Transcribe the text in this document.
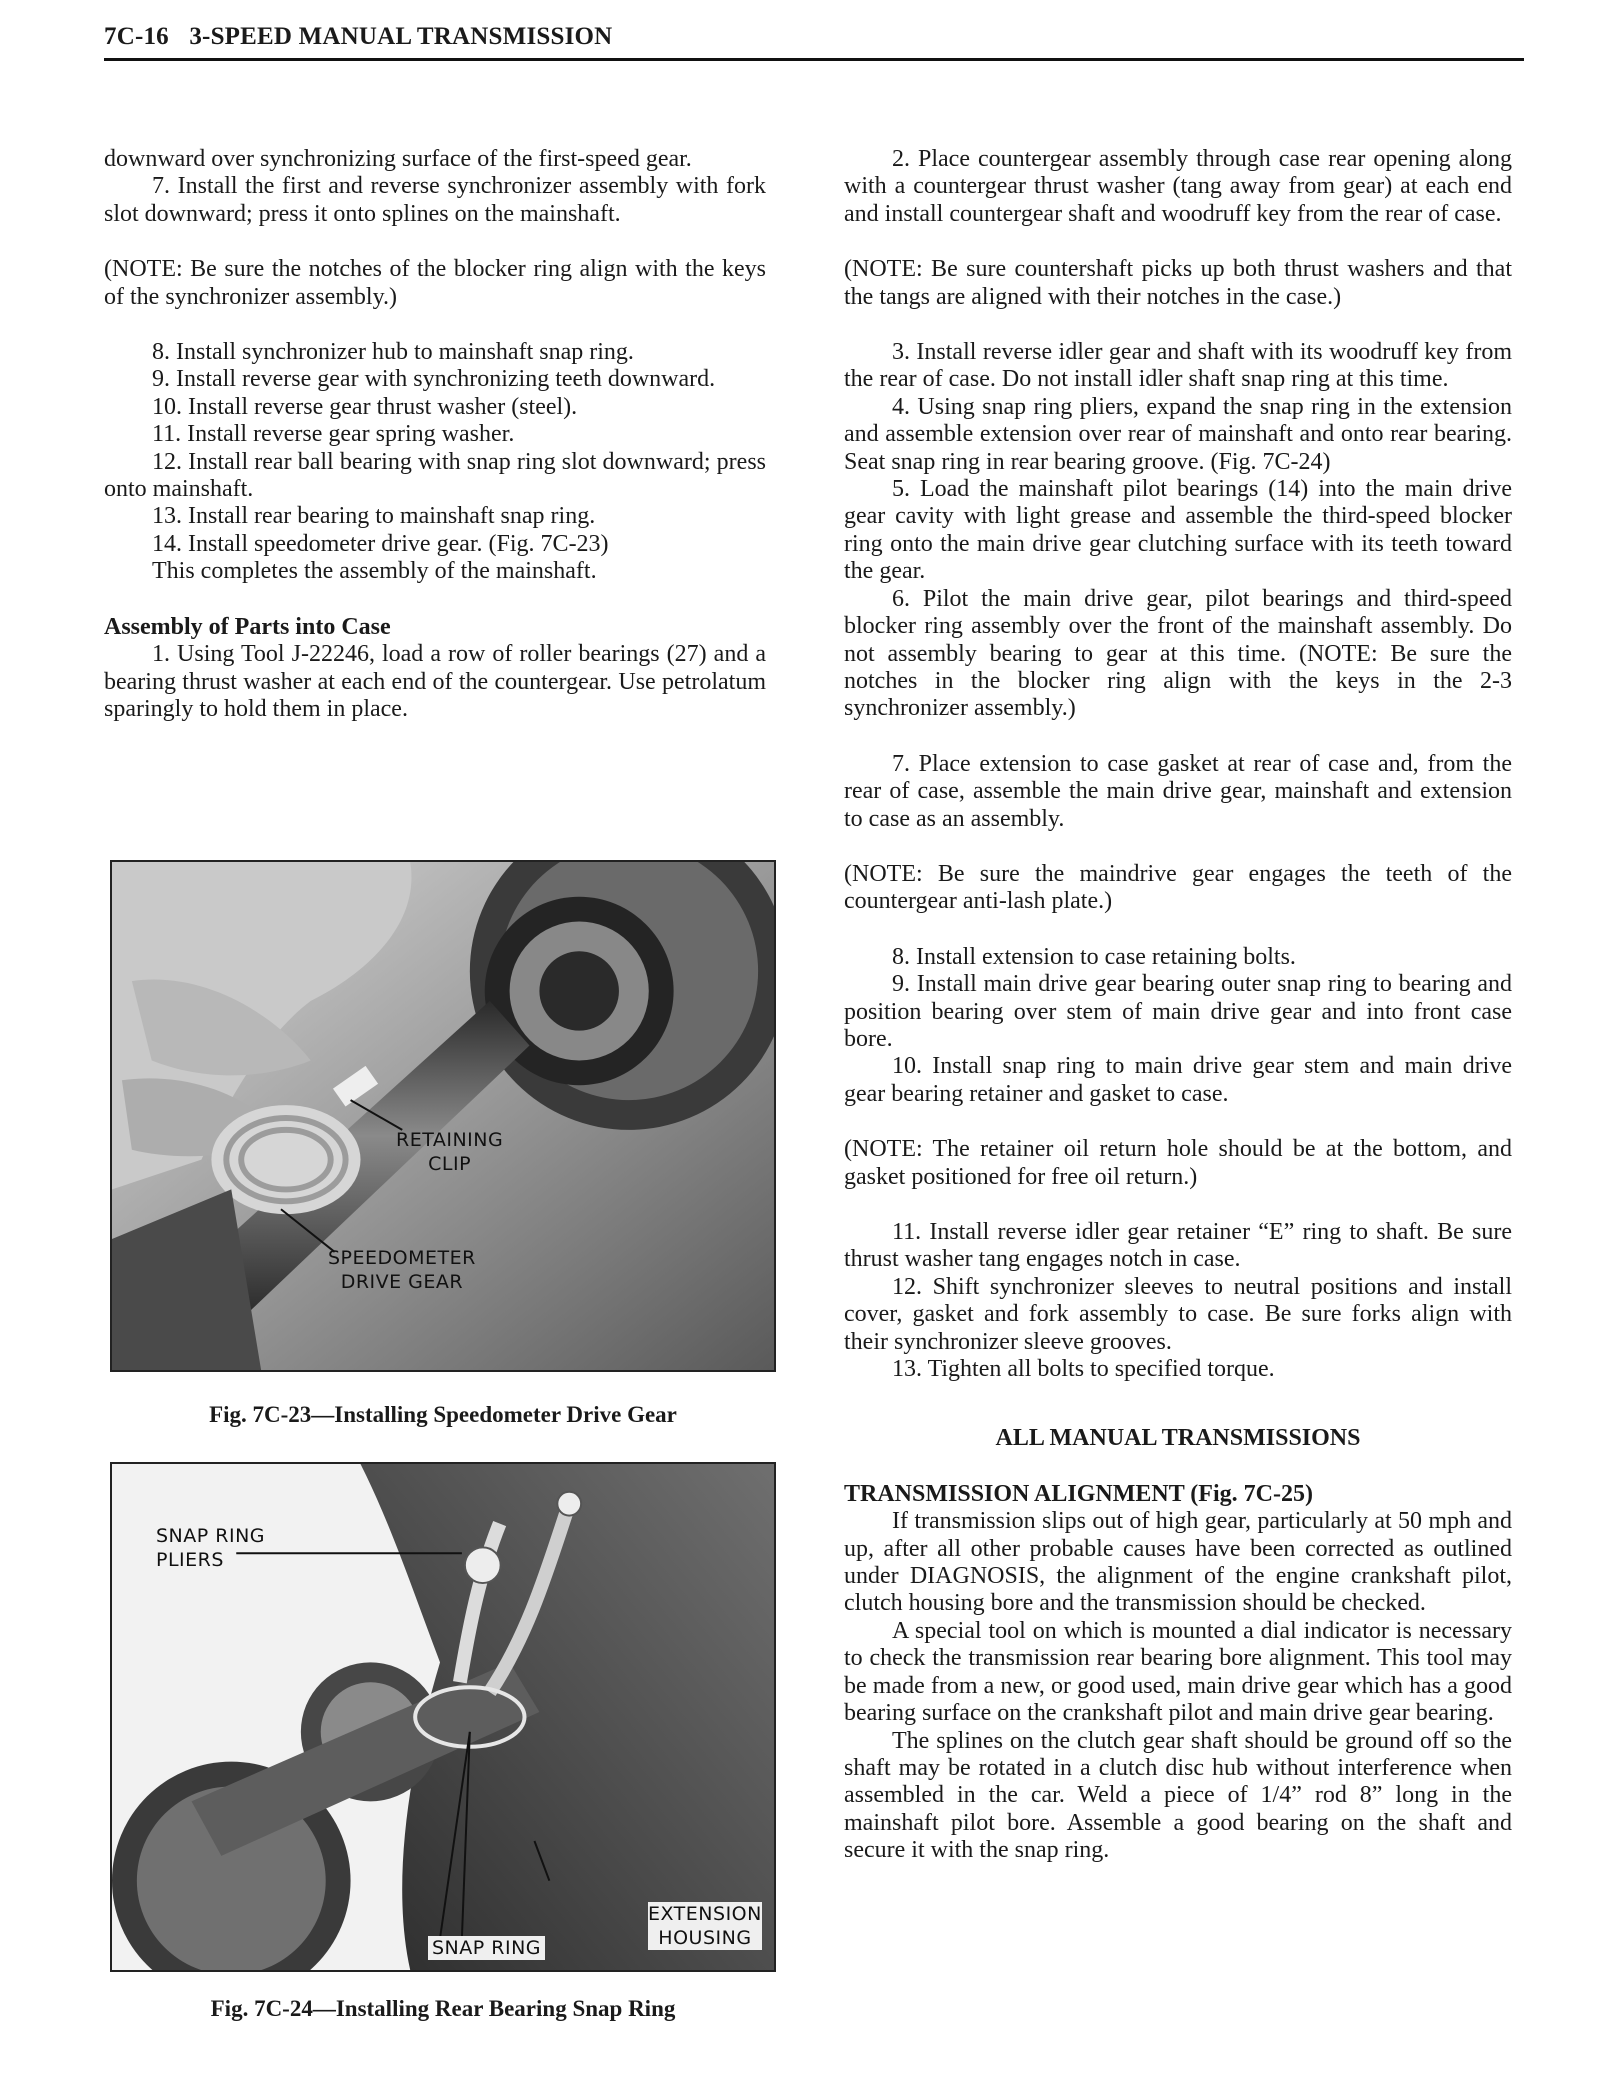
7C-16 3-SPEED MANUAL TRANSMISSION

downward over synchronizing surface of the first-speed gear.

7. Install the first and reverse synchronizer assembly with fork slot downward; press it onto splines on the mainshaft.

(NOTE: Be sure the notches of the blocker ring align with the keys of the synchronizer assembly.)

8. Install synchronizer hub to mainshaft snap ring.

9. Install reverse gear with synchronizing teeth downward.

10. Install reverse gear thrust washer (steel).

11. Install reverse gear spring washer.

12. Install rear ball bearing with snap ring slot downward; press onto mainshaft.

13. Install rear bearing to mainshaft snap ring.

14. Install speedometer drive gear. (Fig. 7C-23)

This completes the assembly of the mainshaft.

Assembly of Parts into Case

1. Using Tool J-22246, load a row of roller bearings (27) and a bearing thrust washer at each end of the countergear. Use petrolatum sparingly to hold them in place.

RETAINING
CLIP
SPEEDOMETER
DRIVE GEAR
Fig. 7C-23—Installing Speedometer Drive Gear
SNAP RING
PLIERS
SNAP RING
EXTENSION
HOUSING
Fig. 7C-24—Installing Rear Bearing Snap Ring

2. Place countergear assembly through case rear opening along with a countergear thrust washer (tang away from gear) at each end and install countergear shaft and woodruff key from the rear of case.

(NOTE: Be sure countershaft picks up both thrust washers and that the tangs are aligned with their notches in the case.)

3. Install reverse idler gear and shaft with its woodruff key from the rear of case. Do not install idler shaft snap ring at this time.

4. Using snap ring pliers, expand the snap ring in the extension and assemble extension over rear of mainshaft and onto rear bearing. Seat snap ring in rear bearing groove. (Fig. 7C-24)

5. Load the mainshaft pilot bearings (14) into the main drive gear cavity with light grease and assemble the third-speed blocker ring onto the main drive gear clutching surface with its teeth toward the gear.

6. Pilot the main drive gear, pilot bearings and third-speed blocker ring assembly over the front of the mainshaft assembly. Do not assembly bearing to gear at this time. (NOTE: Be sure the notches in the blocker ring align with the keys in the 2-3 synchronizer assembly.)

7. Place extension to case gasket at rear of case and, from the rear of case, assemble the main drive gear, mainshaft and extension to case as an assembly.

(NOTE: Be sure the maindrive gear engages the teeth of the countergear anti-lash plate.)

8. Install extension to case retaining bolts.

9. Install main drive gear bearing outer snap ring to bearing and position bearing over stem of main drive gear and into front case bore.

10. Install snap ring to main drive gear stem and main drive gear bearing retainer and gasket to case.

(NOTE: The retainer oil return hole should be at the bottom, and gasket positioned for free oil return.)

11. Install reverse idler gear retainer “E” ring to shaft. Be sure thrust washer tang engages notch in case.

12. Shift synchronizer sleeves to neutral positions and install cover, gasket and fork assembly to case. Be sure forks align with their synchronizer sleeve grooves.

13. Tighten all bolts to specified torque.

ALL MANUAL TRANSMISSIONS

TRANSMISSION ALIGNMENT (Fig. 7C-25)

If transmission slips out of high gear, particularly at 50 mph and up, after all other probable causes have been corrected as outlined under DIAGNOSIS, the alignment of the engine crankshaft pilot, clutch housing bore and the transmission should be checked.

A special tool on which is mounted a dial indicator is necessary to check the transmission rear bearing bore alignment. This tool may be made from a new, or good used, main drive gear which has a good bearing surface on the crankshaft pilot and main drive gear bearing.

The splines on the clutch gear shaft should be ground off so the shaft may be rotated in a clutch disc hub without interference when assembled in the car. Weld a piece of 1/4” rod 8” long in the mainshaft pilot bore. Assemble a good bearing on the shaft and secure it with the snap ring.
